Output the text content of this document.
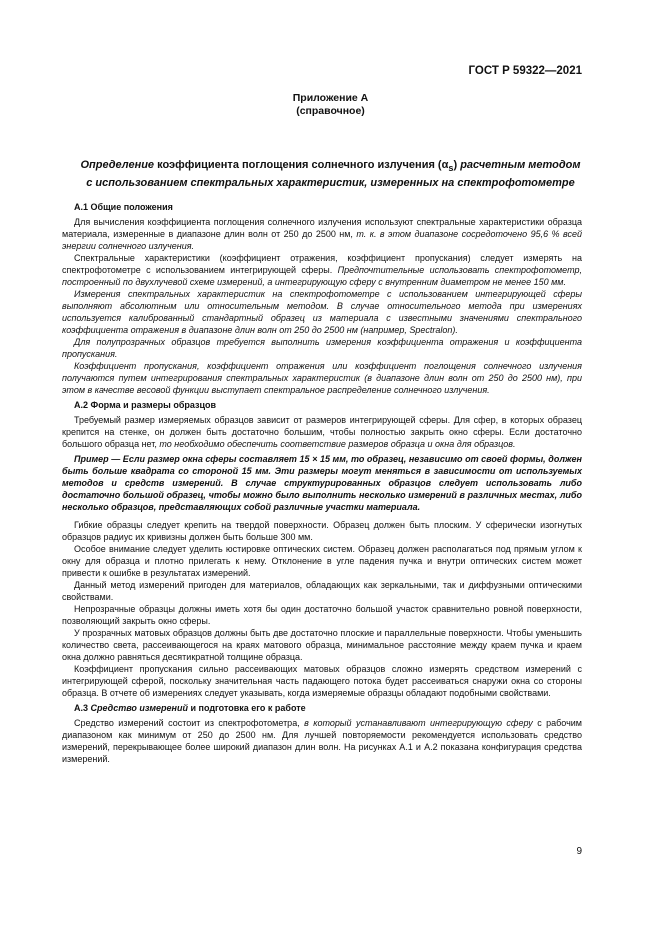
ГОСТ Р 59322—2021
Приложение А
(справочное)
Определение коэффициента поглощения солнечного излучения $(\alpha_s)$ расчетным методом
с использованием спектральных характеристик, измеренных на спектрофотометре
А.1 Общие положения

Для вычисления коэффициента поглощения солнечного излучения используют спектральные характеристики образца материала, измеренные в диапазоне длин волн от 250 до 2500 нм, т. к. в этом диапазоне сосредоточено 95,6 % всей энергии солнечного излучения.

Спектральные характеристики (коэффициент отражения, коэффициент пропускания) следует измерять на спектрофотометре с использованием интегрирующей сферы. Предпочтительные использовать спектрофотометр, построенный по двухлучевой схеме измерений, а интегрирующую сферу с внутренним диаметром не менее 150 мм.

Измерения спектральных характеристик на спектрофотометре с использованием интегрирующей сферы выполняют абсолютным или относительным методом. В случае относительного метода при измерениях используется калиброванный стандартный образец из материала с известными значениями спектрального коэффициента отражения в диапазоне длин волн от 250 до 2500 нм (например, Spectralon).

Для полупрозрачных образцов требуется выполнить измерения коэффициента отражения и коэффициента пропускания.

Коэффициент пропускания, коэффициент отражения или коэффициент поглощения солнечного излучения получаются путем интегрирования спектральных характеристик (в диапазоне длин волн от 250 до 2500 нм), при этом в качестве весовой функции выступает спектральное распределение солнечного излучения.

А.2 Форма и размеры образцов

Требуемый размер измеряемых образцов зависит от размеров интегрирующей сферы. Для сфер, в которых образец крепится на стенке, он должен быть достаточно большим, чтобы полностью закрыть окно сферы. Если достаточно большого образца нет, то необходимо обеспечить соответствие размеров образца и окна для образцов.

Пример — Если размер окна сферы составляет 15 × 15 мм, то образец, независимо от своей формы, должен быть больше квадрата со стороной 15 мм. Эти размеры могут меняться в зависимости от используемых методов и средств измерений. В случае структурированных образцов следует использовать либо достаточно большой образец, чтобы можно было выполнить несколько измерений в различных местах, либо несколько образцов, представляющих собой различные участки материала.

Гибкие образцы следует крепить на твердой поверхности. Образец должен быть плоским. У сферически изогнутых образцов радиус их кривизны должен быть больше 300 мм.

Особое внимание следует уделить юстировке оптических систем. Образец должен располагаться под прямым углом к окну для образца и плотно прилегать к нему. Отклонение в угле падения пучка и внутри оптических систем может привести к ошибке в результатах измерений.

Данный метод измерений пригоден для материалов, обладающих как зеркальными, так и диффузными оптическими свойствами.

Непрозрачные образцы должны иметь хотя бы один достаточно большой участок сравнительно ровной поверхности, позволяющий закрыть окно сферы.

У прозрачных матовых образцов должны быть две достаточно плоские и параллельные поверхности. Чтобы уменьшить количество света, рассеивающегося на краях матового образца, минимальное расстояние между краем пучка и краем окна должно равняться десятикратной толщине образца.

Коэффициент пропускания сильно рассеивающих матовых образцов сложно измерять средством измерений с интегрирующей сферой, поскольку значительная часть падающего потока будет рассеиваться снаружи окна со стороны образца. В отчете об измерениях следует указывать, когда измеряемые образцы обладают подобными свойствами.

А.3 Средство измерений и подготовка его к работе

Средство измерений состоит из спектрофотометра, в который устанавливают интегрирующую сферу с рабочим диапазоном как минимум от 250 до 2500 нм. Для лучшей повторяемости рекомендуется использовать средство измерений, перекрывающее более широкий диапазон длин волн. На рисунках А.1 и А.2 показана конфигурация средства измерений.

9
